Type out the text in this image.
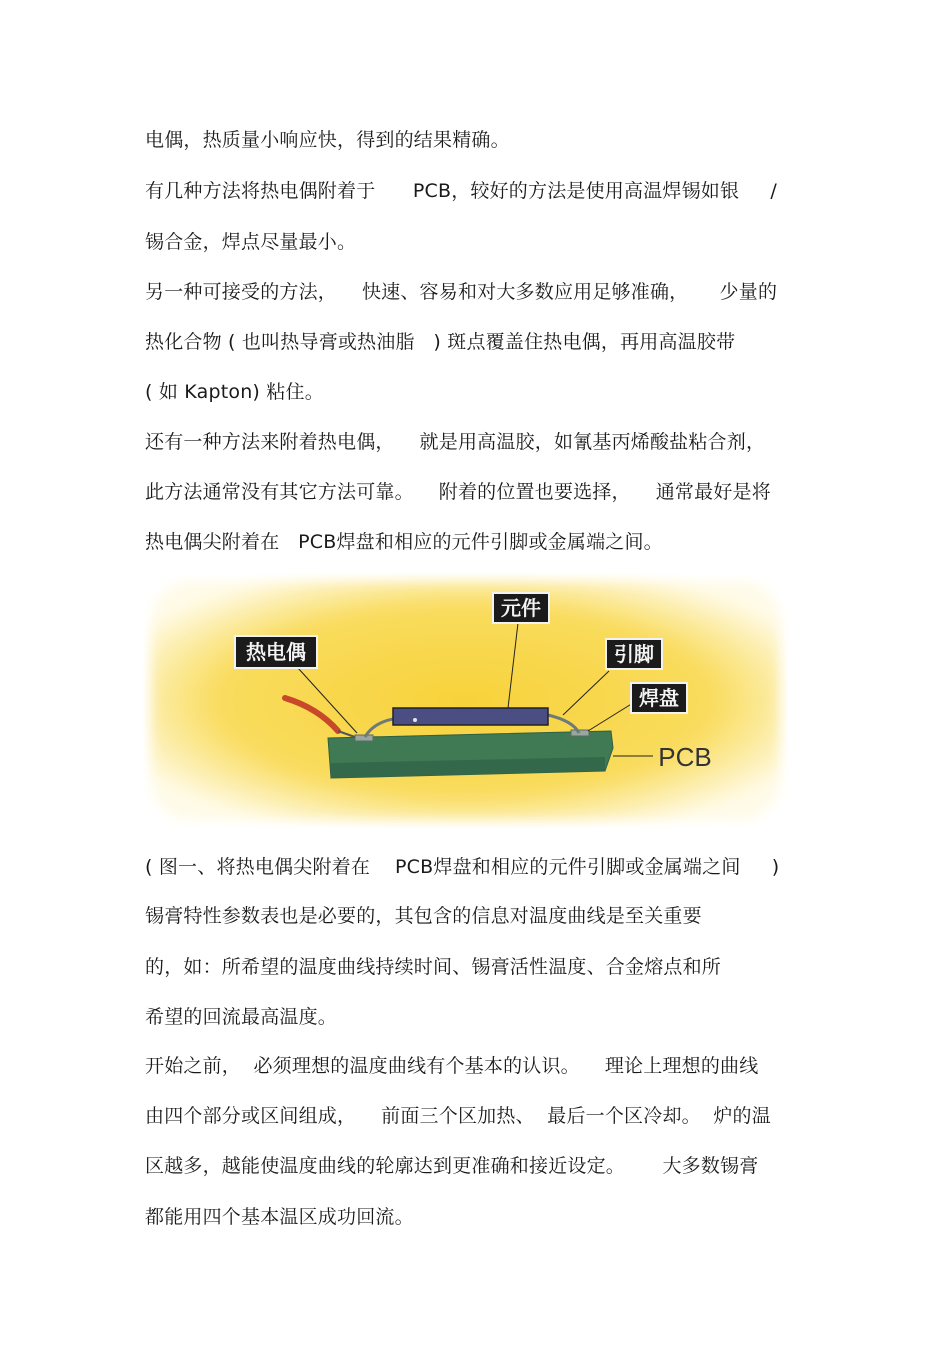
电偶，热质量小响应快，得到的结果精确。
有几种方法将热电偶附着于      PCB，较好的方法是使用高温焊锡如银     /
锡合金，焊点尽量最小。
另一种可接受的方法，    快速、容易和对大多数应用足够准确，     少量的
热化合物 ( 也叫热导膏或热油脂   ) 斑点覆盖住热电偶，再用高温胶带
( 如 Kapton) 粘住。
还有一种方法来附着热电偶，    就是用高温胶，如氰基丙烯酸盐粘合剂，
此方法通常没有其它方法可靠。    附着的位置也要选择，    通常最好是将
热电偶尖附着在   PCB焊盘和相应的元件引脚或金属端之间。
元件
热电偶	引脚
焊盘
PCB
( 图一、将热电偶尖附着在    PCB焊盘和相应的元件引脚或金属端之间     )
锡膏特性参数表也是必要的，其包含的信息对温度曲线是至关重要
的，如：所希望的温度曲线持续时间、锡膏活性温度、合金熔点和所
希望的回流最高温度。
开始之前，  必须理想的温度曲线有个基本的认识。    理论上理想的曲线
由四个部分或区间组成，    前面三个区加热、  最后一个区冷却。  炉的温
区越多，越能使温度曲线的轮廓达到更准确和接近设定。      大多数锡膏
都能用四个基本温区成功回流。
